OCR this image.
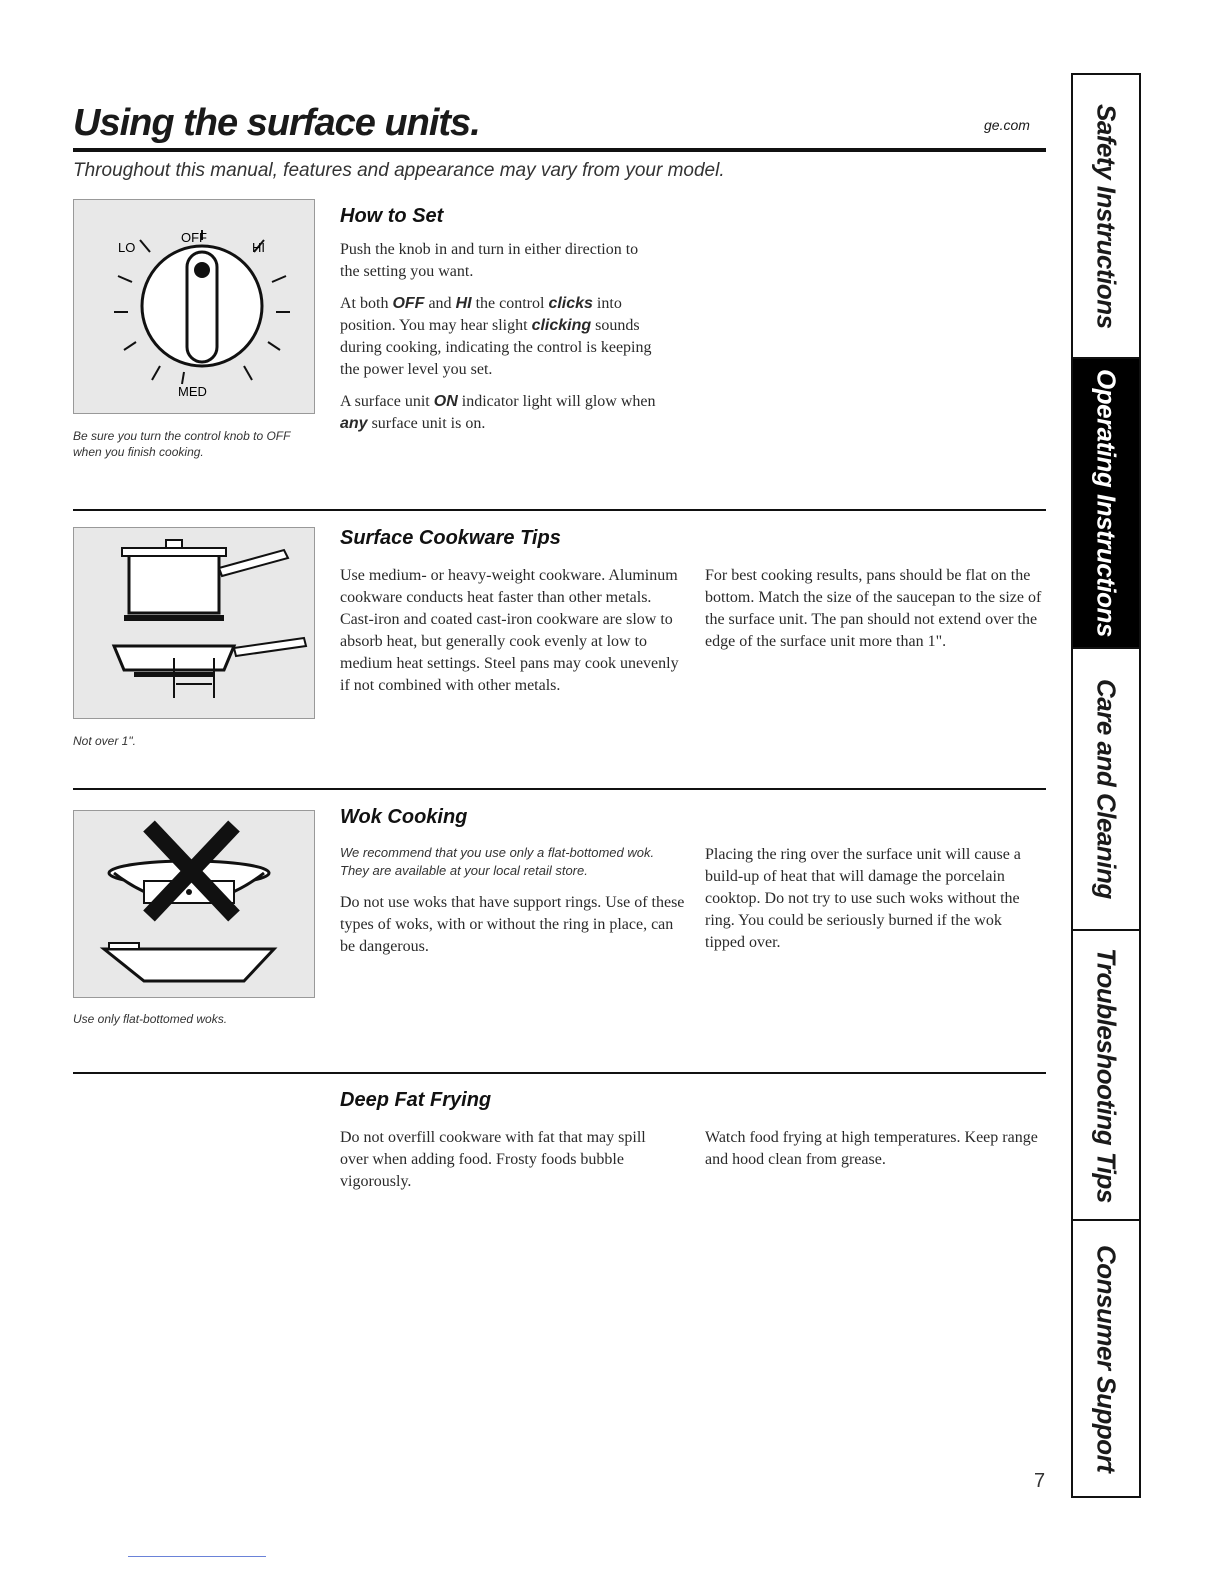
Using the surface units.	ge.com
Throughout this manual, features and appearance may vary from your model.
OFF
LO	HI
MED
Be sure you turn the control knob to OFF when you finish cooking.
How to Set

Push the knob in and turn in either direction to the setting you want.

At both OFF and HI the control clicks into position. You may hear slight clicking sounds during cooking, indicating the control is keeping the power level you set.

A surface unit ON indicator light will glow when any surface unit is on.

Not over 1".
Surface Cookware Tips
Use medium- or heavy-weight cookware. Aluminum cookware conducts heat faster than other metals. Cast-iron and coated cast-iron cookware are slow to absorb heat, but generally cook evenly at low to medium heat settings. Steel pans may cook unevenly if not combined with other metals.
For best cooking results, pans should be flat on the bottom. Match the size of the saucepan to the size of the surface unit. The pan should not extend over the edge of the surface unit more than 1".
Use only flat-bottomed woks.
Wok Cooking
We recommend that you use only a flat-bottomed wok. They are available at your local retail store.
Do not use woks that have support rings. Use of these types of woks, with or without the ring in place, can be dangerous.
Placing the ring over the surface unit will cause a build-up of heat that will damage the porcelain cooktop. Do not try to use such woks without the ring. You could be seriously burned if the wok tipped over.
Deep Fat Frying
Do not overfill cookware with fat that may spill over when adding food. Frosty foods bubble vigorously.
Watch food frying at high temperatures. Keep range and hood clean from grease.
7
Safety Instructions
Operating Instructions
Care and Cleaning
Troubleshooting Tips
Consumer Support
